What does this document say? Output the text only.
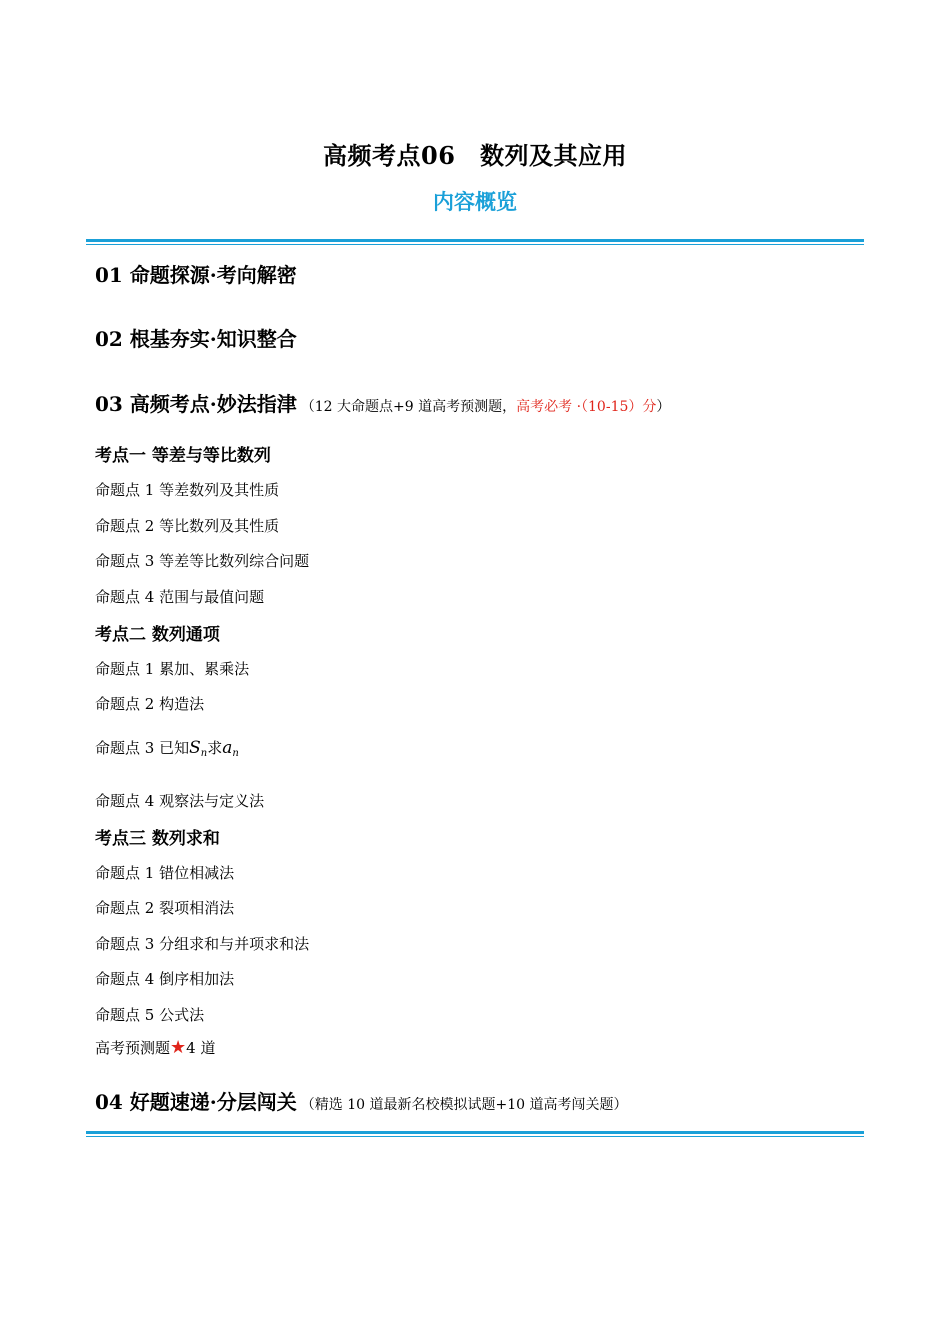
高频考点06　数列及其应用
内容概览
01 命题探源·考向解密
02 根基夯实·知识整合
03 高频考点·妙法指津 （12 大命题点+9 道高考预测题，高考必考 ·（10-15）分）
考点一 等差与等比数列
命题点 1 等差数列及其性质
命题点 2 等比数列及其性质
命题点 3 等差等比数列综合问题
命题点 4 范围与最值问题
考点二 数列通项
命题点 1 累加、累乘法
命题点 2 构造法
命题点 3 已知$S_n$求$a_n$
命题点 4 观察法与定义法
考点三 数列求和
命题点 1 错位相减法
命题点 2 裂项相消法
命题点 3 分组求和与并项求和法
命题点 4 倒序相加法
命题点 5 公式法
高考预测题★4 道
04 好题速递·分层闯关 （精选 10 道最新名校模拟试题+10 道高考闯关题）
